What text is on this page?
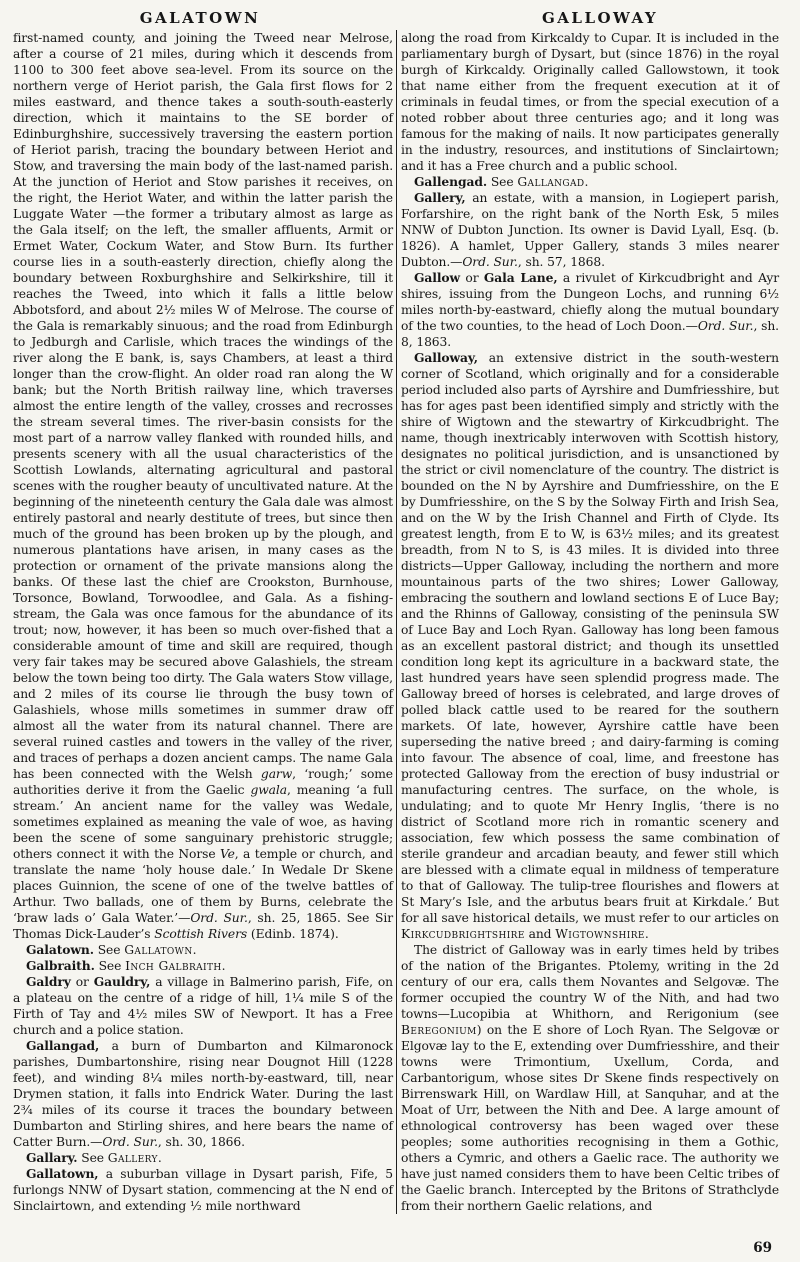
GALATOWN	GALLOWAY

first-named county, and joining the Tweed near Melrose, after a course of 21 miles, during which it descends from 1100 to 300 feet above sea-level. From its source on the northern verge of Heriot parish, the Gala first flows for 2 miles eastward, and thence takes a south-south-easterly direction, which it maintains to the SE border of Edinburghshire, successively traversing the eastern portion of Heriot parish, tracing the boundary between Heriot and Stow, and traversing the main body of the last-named parish. At the junction of Heriot and Stow parishes it receives, on the right, the Heriot Water, and within the latter parish the Luggate Water —the former a tributary almost as large as the Gala itself; on the left, the smaller affluents, Armit or Ermet Water, Cockum Water, and Stow Burn. Its further course lies in a south-easterly direction, chiefly along the boundary between Roxburghshire and Selkirkshire, till it reaches the Tweed, into which it falls a little below Abbotsford, and about 2½ miles W of Melrose. The course of the Gala is remarkably sinuous; and the road from Edinburgh to Jedburgh and Carlisle, which traces the windings of the river along the E bank, is, says Chambers, at least a third longer than the crow-flight. An older road ran along the W bank; but the North British railway line, which traverses almost the entire length of the valley, crosses and recrosses the stream several times. The river-basin consists for the most part of a narrow valley flanked with rounded hills, and presents scenery with all the usual characteristics of the Scottish Lowlands, alternating agricultural and pastoral scenes with the rougher beauty of uncultivated nature. At the beginning of the nineteenth century the Gala dale was almost entirely pastoral and nearly destitute of trees, but since then much of the ground has been broken up by the plough, and numerous plantations have arisen, in many cases as the protection or ornament of the private mansions along the banks. Of these last the chief are Crookston, Burnhouse, Torsonce, Bowland, Torwoodlee, and Gala. As a fishing-stream, the Gala was once famous for the abundance of its trout; now, however, it has been so much over-fished that a considerable amount of time and skill are required, though very fair takes may be secured above Galashiels, the stream below the town being too dirty. The Gala waters Stow village, and 2 miles of its course lie through the busy town of Galashiels, whose mills sometimes in summer draw off almost all the water from its natural channel. There are several ruined castles and towers in the valley of the river, and traces of perhaps a dozen ancient camps. The name Gala has been connected with the Welsh garw, ‘rough;’ some authorities derive it from the Gaelic gwala, meaning ‘a full stream.’ An ancient name for the valley was Wedale, sometimes explained as meaning the vale of woe, as having been the scene of some sanguinary prehistoric struggle; others connect it with the Norse Ve, a temple or church, and translate the name ‘holy house dale.’ In Wedale Dr Skene places Guinnion, the scene of one of the twelve battles of Arthur. Two ballads, one of them by Burns, celebrate the ‘braw lads o’ Gala Water.’—Ord. Sur., sh. 25, 1865. See Sir Thomas Dick-Lauder’s Scottish Rivers (Edinb. 1874).

Galatown. See Gallatown.

Galbraith. See Inch Galbraith.

Galdry or Gauldry, a village in Balmerino parish, Fife, on a plateau on the centre of a ridge of hill, 1¼ mile S of the Firth of Tay and 4½ miles SW of Newport. It has a Free church and a police station.

Gallangad, a burn of Dumbarton and Kilmaronock parishes, Dumbartonshire, rising near Dougnot Hill (1228 feet), and winding 8¼ miles north-by-eastward, till, near Drymen station, it falls into Endrick Water. During the last 2¾ miles of its course it traces the boundary between Dumbarton and Stirling shires, and here bears the name of Catter Burn.—Ord. Sur., sh. 30, 1866.

Gallary. See Gallery.

Gallatown, a suburban village in Dysart parish, Fife, 5 furlongs NNW of Dysart station, commencing at the N end of Sinclairtown, and extending ½ mile northward

along the road from Kirkcaldy to Cupar. It is included in the parliamentary burgh of Dysart, but (since 1876) in the royal burgh of Kirkcaldy. Originally called Gallowstown, it took that name either from the frequent execution at it of criminals in feudal times, or from the special execution of a noted robber about three centuries ago; and it long was famous for the making of nails. It now participates generally in the industry, resources, and institutions of Sinclairtown; and it has a Free church and a public school.

Gallengad. See Gallangad.

Gallery, an estate, with a mansion, in Logiepert parish, Forfarshire, on the right bank of the North Esk, 5 miles NNW of Dubton Junction. Its owner is David Lyall, Esq. (b. 1826). A hamlet, Upper Gallery, stands 3 miles nearer Dubton.—Ord. Sur., sh. 57, 1868.

Gallow or Gala Lane, a rivulet of Kirkcudbright and Ayr shires, issuing from the Dungeon Lochs, and running 6½ miles north-by-eastward, chiefly along the mutual boundary of the two counties, to the head of Loch Doon.—Ord. Sur., sh. 8, 1863.

Galloway, an extensive district in the south-western corner of Scotland, which originally and for a considerable period included also parts of Ayrshire and Dumfriesshire, but has for ages past been identified simply and strictly with the shire of Wigtown and the stewartry of Kirkcudbright. The name, though inextricably interwoven with Scottish history, designates no political jurisdiction, and is unsanctioned by the strict or civil nomenclature of the country. The district is bounded on the N by Ayrshire and Dumfriesshire, on the E by Dumfriesshire, on the S by the Solway Firth and Irish Sea, and on the W by the Irish Channel and Firth of Clyde. Its greatest length, from E to W, is 63½ miles; and its greatest breadth, from N to S, is 43 miles. It is divided into three districts—Upper Galloway, including the northern and more mountainous parts of the two shires; Lower Galloway, embracing the southern and lowland sections E of Luce Bay; and the Rhinns of Galloway, consisting of the peninsula SW of Luce Bay and Loch Ryan. Galloway has long been famous as an excellent pastoral district; and though its unsettled condition long kept its agriculture in a backward state, the last hundred years have seen splendid progress made. The Galloway breed of horses is celebrated, and large droves of polled black cattle used to be reared for the southern markets. Of late, however, Ayrshire cattle have been superseding the native breed ; and dairy-farming is coming into favour. The absence of coal, lime, and freestone has protected Galloway from the erection of busy industrial or manufacturing centres. The surface, on the whole, is undulating; and to quote Mr Henry Inglis, ‘there is no district of Scotland more rich in romantic scenery and association, few which possess the same combination of sterile grandeur and arcadian beauty, and fewer still which are blessed with a climate equal in mildness of temperature to that of Galloway. The tulip-tree flourishes and flowers at St Mary’s Isle, and the arbutus bears fruit at Kirkdale.’ But for all save historical details, we must refer to our articles on Kirkcudbrightshire and Wigtownshire.

The district of Galloway was in early times held by tribes of the nation of the Brigantes. Ptolemy, writing in the 2d century of our era, calls them Novantes and Selgovæ. The former occupied the country W of the Nith, and had two towns—Lucopibia at Whithorn, and Rerigonium (see Beregonium) on the E shore of Loch Ryan. The Selgovæ or Elgovæ lay to the E, extending over Dumfriesshire, and their towns were Trimontium, Uxellum, Corda, and Carbantorigum, whose sites Dr Skene finds respectively on Birrenswark Hill, on Wardlaw Hill, at Sanquhar, and at the Moat of Urr, between the Nith and Dee. A large amount of ethnological controversy has been waged over these peoples; some authorities recognising in them a Gothic, others a Cymric, and others a Gaelic race. The authority we have just named considers them to have been Celtic tribes of the Gaelic branch. Intercepted by the Britons of Strathclyde from their northern Gaelic relations, and

69
